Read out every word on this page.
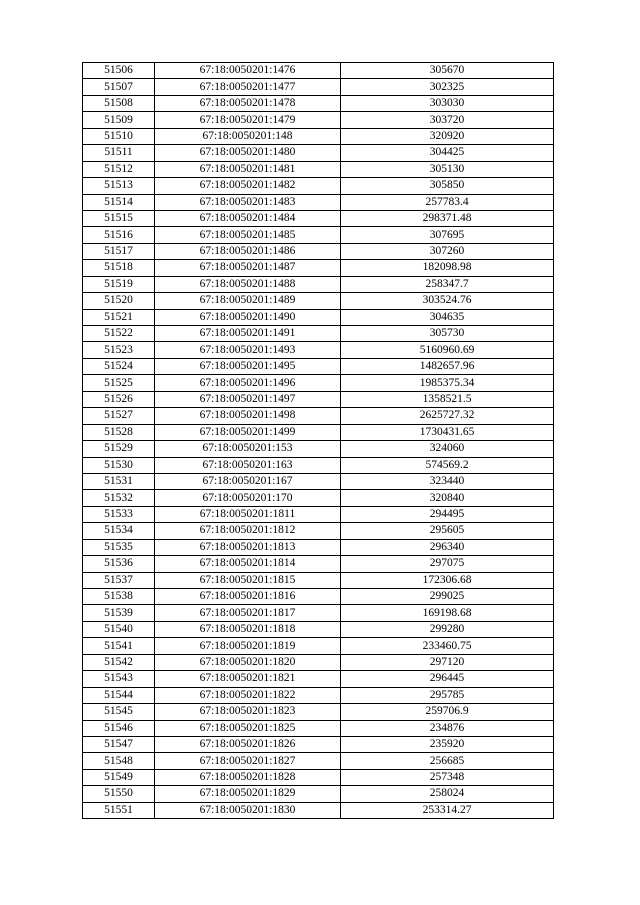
51506	67:18:0050201:1476	305670
51507	67:18:0050201:1477	302325
51508	67:18:0050201:1478	303030
51509	67:18:0050201:1479	303720
51510	67:18:0050201:148	320920
51511	67:18:0050201:1480	304425
51512	67:18:0050201:1481	305130
51513	67:18:0050201:1482	305850
51514	67:18:0050201:1483	257783.4
51515	67:18:0050201:1484	298371.48
51516	67:18:0050201:1485	307695
51517	67:18:0050201:1486	307260
51518	67:18:0050201:1487	182098.98
51519	67:18:0050201:1488	258347.7
51520	67:18:0050201:1489	303524.76
51521	67:18:0050201:1490	304635
51522	67:18:0050201:1491	305730
51523	67:18:0050201:1493	5160960.69
51524	67:18:0050201:1495	1482657.96
51525	67:18:0050201:1496	1985375.34
51526	67:18:0050201:1497	1358521.5
51527	67:18:0050201:1498	2625727.32
51528	67:18:0050201:1499	1730431.65
51529	67:18:0050201:153	324060
51530	67:18:0050201:163	574569.2
51531	67:18:0050201:167	323440
51532	67:18:0050201:170	320840
51533	67:18:0050201:1811	294495
51534	67:18:0050201:1812	295605
51535	67:18:0050201:1813	296340
51536	67:18:0050201:1814	297075
51537	67:18:0050201:1815	172306.68
51538	67:18:0050201:1816	299025
51539	67:18:0050201:1817	169198.68
51540	67:18:0050201:1818	299280
51541	67:18:0050201:1819	233460.75
51542	67:18:0050201:1820	297120
51543	67:18:0050201:1821	296445
51544	67:18:0050201:1822	295785
51545	67:18:0050201:1823	259706.9
51546	67:18:0050201:1825	234876
51547	67:18:0050201:1826	235920
51548	67:18:0050201:1827	256685
51549	67:18:0050201:1828	257348
51550	67:18:0050201:1829	258024
51551	67:18:0050201:1830	253314.27
